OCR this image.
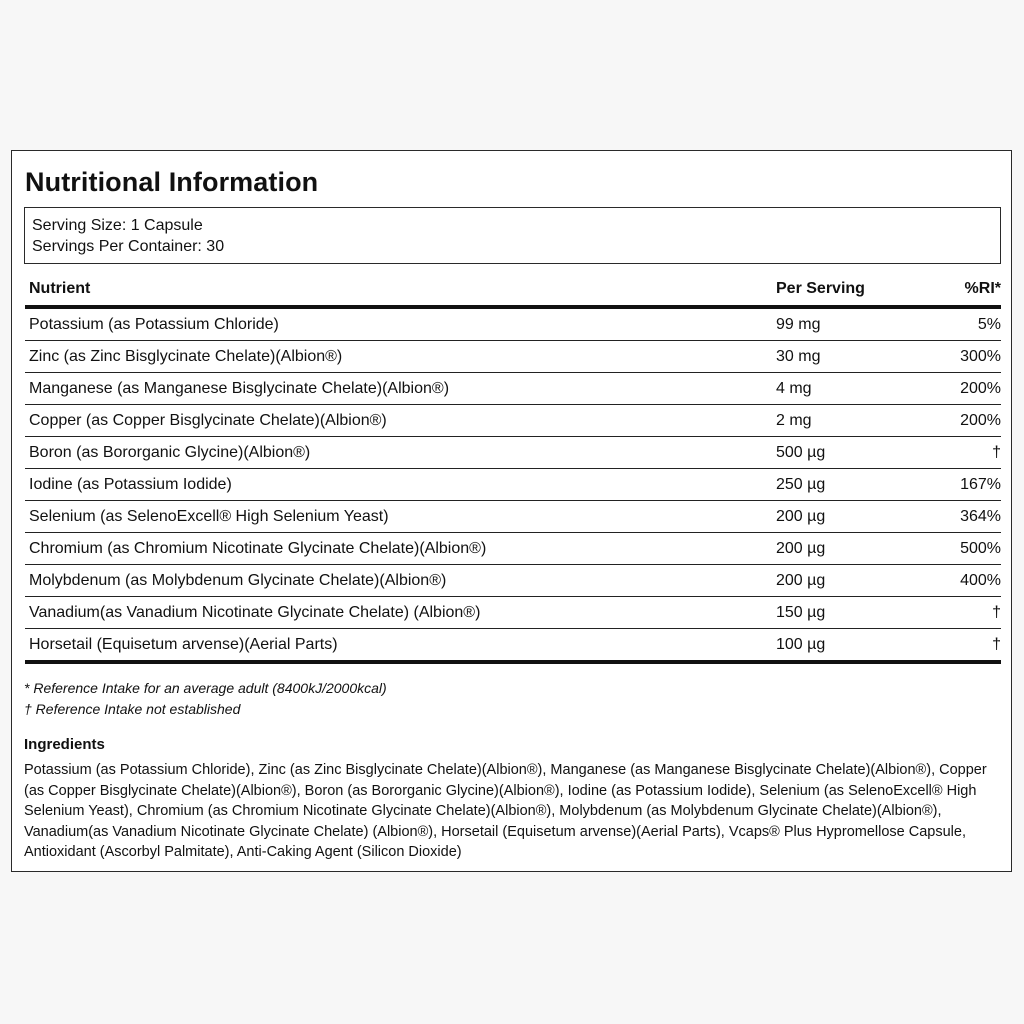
Nutritional Information
Serving Size: 1 Capsule
Servings Per Container: 30
Nutrient	Per Serving	%RI*
Potassium (as Potassium Chloride)	99 mg	5%
Zinc (as Zinc Bisglycinate Chelate)(Albion®)	30 mg	300%
Manganese (as Manganese Bisglycinate Chelate)(Albion®)	4 mg	200%
Copper (as Copper Bisglycinate Chelate)(Albion®)	2 mg	200%
Boron (as Bororganic Glycine)(Albion®)	500 µg	†
Iodine (as Potassium Iodide)	250 µg	167%
Selenium (as SelenoExcell® High Selenium Yeast)	200 µg	364%
Chromium (as Chromium Nicotinate Glycinate Chelate)(Albion®)	200 µg	500%
Molybdenum (as Molybdenum Glycinate Chelate)(Albion®)	200 µg	400%
Vanadium(as Vanadium Nicotinate Glycinate Chelate) (Albion®)	150 µg	†
Horsetail (Equisetum arvense)(Aerial Parts)	100 µg	†
* Reference Intake for an average adult (8400kJ/2000kcal)
† Reference Intake not established
Ingredients
Potassium (as Potassium Chloride), Zinc (as Zinc Bisglycinate Chelate)(Albion®), Manganese (as Manganese Bisglycinate Chelate)(Albion®), Copper (as Copper Bisglycinate Chelate)(Albion®), Boron (as Bororganic Glycine)(Albion®), Iodine (as Potassium Iodide), Selenium (as SelenoExcell® High Selenium Yeast), Chromium (as Chromium Nicotinate Glycinate Chelate)(Albion®), Molybdenum (as Molybdenum Glycinate Chelate)(Albion®), Vanadium(as Vanadium Nicotinate Glycinate Chelate) (Albion®), Horsetail (Equisetum arvense)(Aerial Parts), Vcaps® Plus Hypromellose Capsule, Antioxidant (Ascorbyl Palmitate), Anti-Caking Agent (Silicon Dioxide)
